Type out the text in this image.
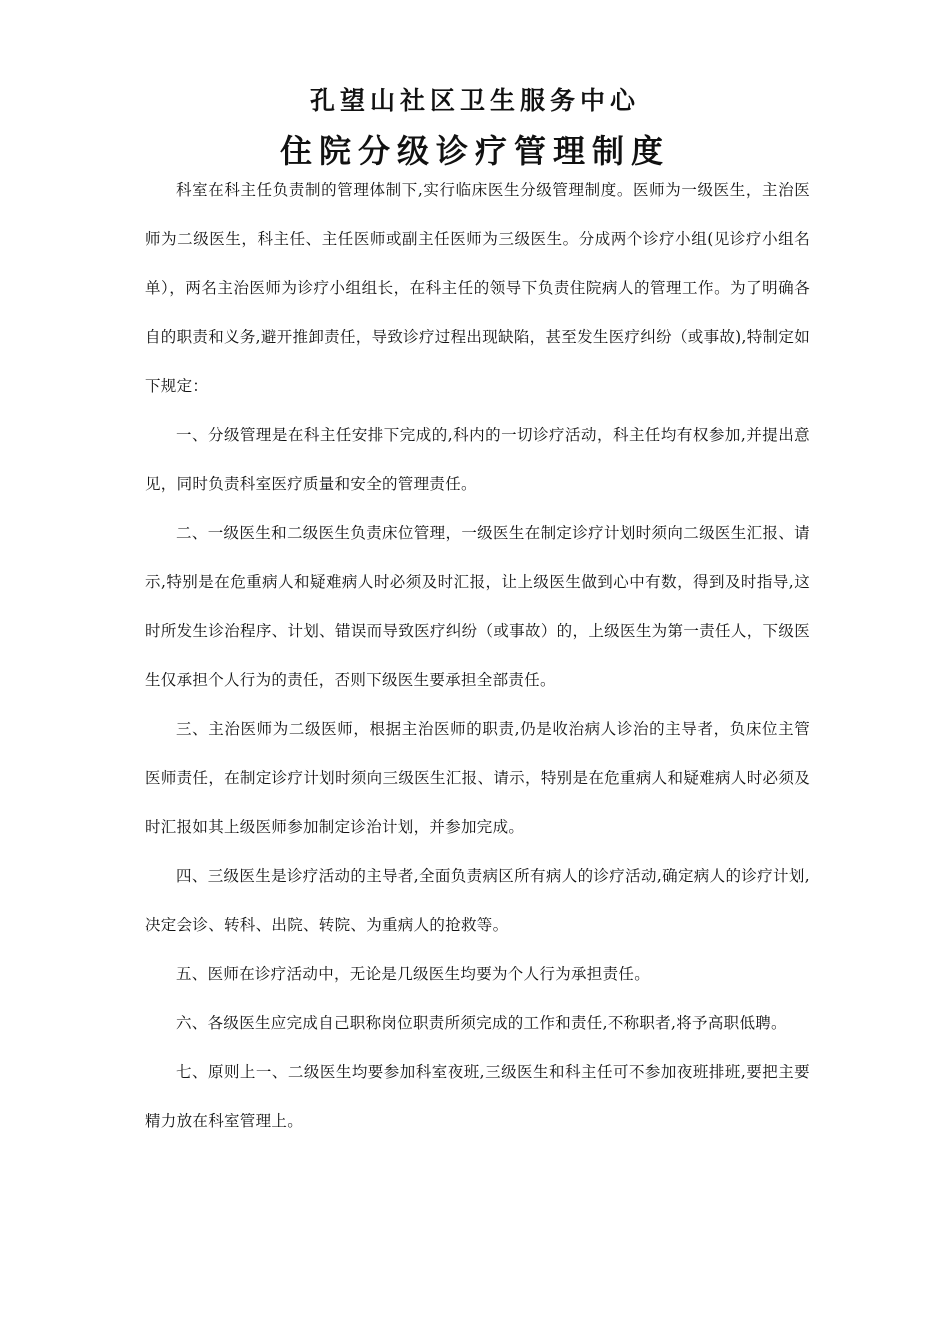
孔望山社区卫生服务中心
住院分级诊疗管理制度

科室在科主任负责制的管理体制下,实行临床医生分级管理制度。医师为一级医生，主治医师为二级医生，科主任、主任医师或副主任医师为三级医生。分成两个诊疗小组(见诊疗小组名单），两名主治医师为诊疗小组组长，在科主任的领导下负责住院病人的管理工作。为了明确各自的职责和义务,避开推卸责任，导致诊疗过程出现缺陷，甚至发生医疗纠纷（或事故),特制定如下规定：

一、分级管理是在科主任安排下完成的,科内的一切诊疗活动，科主任均有权参加,并提出意见，同时负责科室医疗质量和安全的管理责任。

二、一级医生和二级医生负责床位管理，一级医生在制定诊疗计划时须向二级医生汇报、请示,特别是在危重病人和疑难病人时必须及时汇报，让上级医生做到心中有数，得到及时指导,这时所发生诊治程序、计划、错误而导致医疗纠纷（或事故）的，上级医生为第一责任人，下级医生仅承担个人行为的责任，否则下级医生要承担全部责任。

三、主治医师为二级医师，根据主治医师的职责,仍是收治病人诊治的主导者，负床位主管医师责任，在制定诊疗计划时须向三级医生汇报、请示，特别是在危重病人和疑难病人时必须及时汇报如其上级医师参加制定诊治计划，并参加完成。

四、三级医生是诊疗活动的主导者,全面负责病区所有病人的诊疗活动,确定病人的诊疗计划,决定会诊、转科、出院、转院、为重病人的抢救等。

五、医师在诊疗活动中，无论是几级医生均要为个人行为承担责任。

六、各级医生应完成自己职称岗位职责所须完成的工作和责任,不称职者,将予高职低聘。

七、原则上一、二级医生均要参加科室夜班,三级医生和科主任可不参加夜班排班,要把主要精力放在科室管理上。
